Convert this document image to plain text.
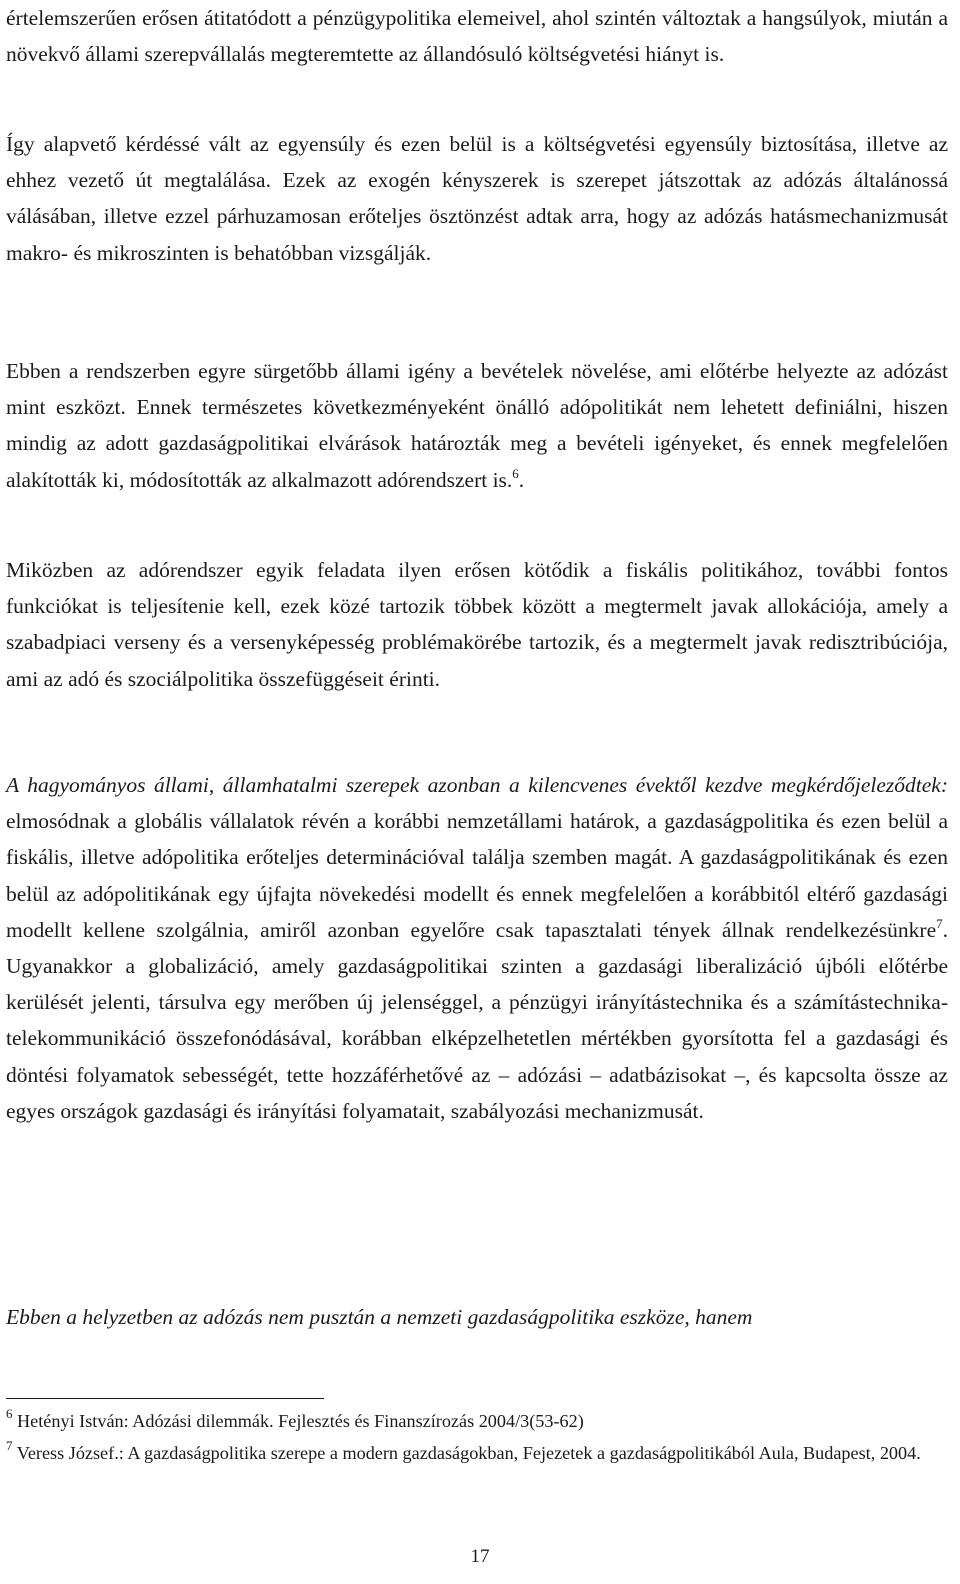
értelemszerűen erősen átitatódott a pénzügypolitika elemeivel, ahol szintén változtak a hangsúlyok, miután a növekvő állami szerepvállalás megteremtette az állandósuló költségvetési hiányt is.

Így alapvető kérdéssé vált az egyensúly és ezen belül is a költségvetési egyensúly biztosítása, illetve az ehhez vezető út megtalálása. Ezek az exogén kényszerek is szerepet játszottak az adózás általánossá válásában, illetve ezzel párhuzamosan erőteljes ösztönzést adtak arra, hogy az adózás hatásmechanizmusát makro- és mikroszinten is behatóbban vizsgálják.

Ebben a rendszerben egyre sürgetőbb állami igény a bevételek növelése, ami előtérbe helyezte az adózást mint eszközt. Ennek természetes következményeként önálló adópolitikát nem lehetett definiálni, hiszen mindig az adott gazdaságpolitikai elvárások határozták meg a bevételi igényeket, és ennek megfelelően alakították ki, módosították az alkalmazott adórendszert is.$^6$.

Miközben az adórendszer egyik feladata ilyen erősen kötődik a fiskális politikához, további fontos funkciókat is teljesítenie kell, ezek közé tartozik többek között a megtermelt javak allokációja, amely a szabadpiaci verseny és a versenyképesség problémakörébe tartozik, és a megtermelt javak redisztribúciója, ami az adó és szociálpolitika összefüggéseit érinti.

A hagyományos állami, államhatalmi szerepek azonban a kilencvenes évektől kezdve megkérdőjeleződtek: elmosódnak a globális vállalatok révén a korábbi nemzetállami határok, a gazdaságpolitika és ezen belül a fiskális, illetve adópolitika erőteljes determinációval találja szemben magát. A gazdaságpolitikának és ezen belül az adópolitikának egy újfajta növekedési modellt és ennek megfelelően a korábbitól eltérő gazdasági modellt kellene szolgálnia, amiről azonban egyelőre csak tapasztalati tények állnak rendelkezésünkre$^7$. Ugyanakkor a globalizáció, amely gazdaságpolitikai szinten a gazdasági liberalizáció újbóli előtérbe kerülését jelenti, társulva egy merőben új jelenséggel, a pénzügyi irányítástechnika és a számítástechnika-telekommunikáció összefonódásával, korábban elképzelhetetlen mértékben gyorsította fel a gazdasági és döntési folyamatok sebességét, tette hozzáférhetővé az – adózási – adatbázisokat –, és kapcsolta össze az egyes országok gazdasági és irányítási folyamatait, szabályozási mechanizmusát.

Ebben a helyzetben az adózás nem pusztán a nemzeti gazdaságpolitika eszköze, hanem

$^6$ Hetényi István: Adózási dilemmák. Fejlesztés és Finanszírozás 2004/3(53-62)

$^7$ Veress József.: A gazdaságpolitika szerepe a modern gazdaságokban, Fejezetek a gazdaságpolitikából Aula, Budapest, 2004.

17
